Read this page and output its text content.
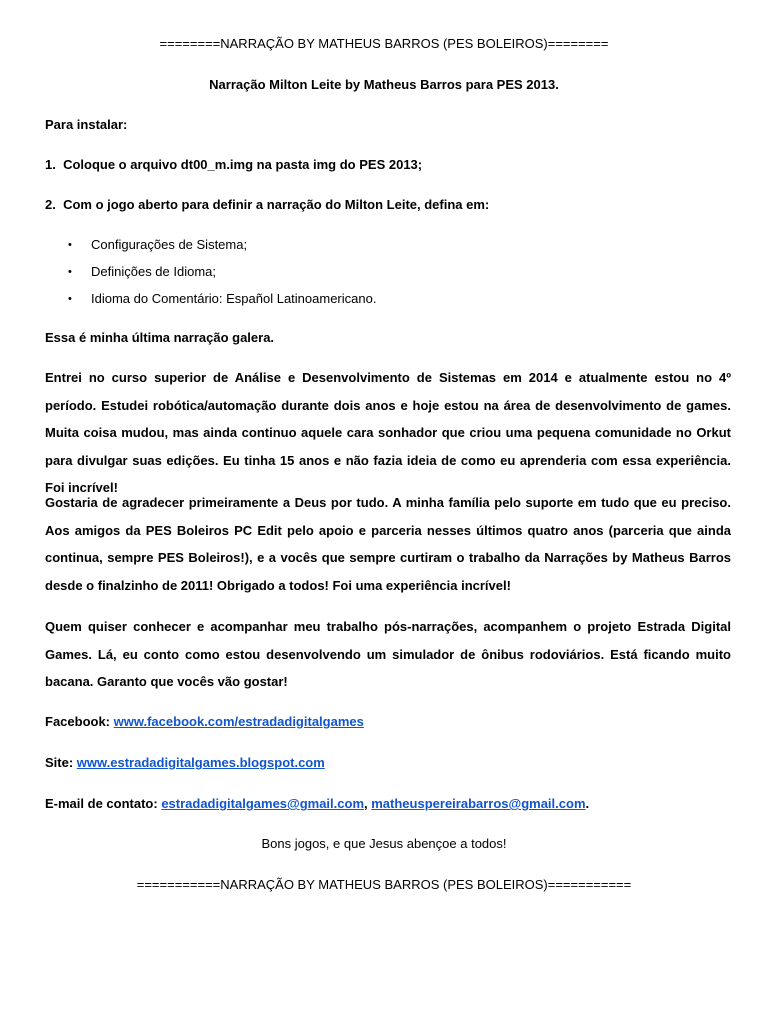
========NARRAÇÃO BY MATHEUS BARROS (PES BOLEIROS)========
Narração Milton Leite by Matheus Barros para PES 2013.
Para instalar:
1. Coloque o arquivo dt00_m.img na pasta img do PES 2013;
2. Com o jogo aberto para definir a narração do Milton Leite, defina em:
• Configurações de Sistema;
• Definições de Idioma;
• Idioma do Comentário: Español Latinoamericano.
Essa é minha última narração galera.

Entrei no curso superior de Análise e Desenvolvimento de Sistemas em 2014 e atualmente estou no 4º período. Estudei robótica/automação durante dois anos e hoje estou na área de desenvolvimento de games. Muita coisa mudou, mas ainda continuo aquele cara sonhador que criou uma pequena comunidade no Orkut para divulgar suas edições. Eu tinha 15 anos e não fazia ideia de como eu aprenderia com essa experiência. Foi incrível!

Gostaria de agradecer primeiramente a Deus por tudo. A minha família pelo suporte em tudo que eu preciso. Aos amigos da PES Boleiros PC Edit pelo apoio e parceria nesses últimos quatro anos (parceria que ainda continua, sempre PES Boleiros!), e a vocês que sempre curtiram o trabalho da Narrações by Matheus Barros desde o finalzinho de 2011! Obrigado a todos! Foi uma experiência incrível!

Quem quiser conhecer e acompanhar meu trabalho pós-narrações, acompanhem o projeto Estrada Digital Games. Lá, eu conto como estou desenvolvendo um simulador de ônibus rodoviários. Está ficando muito bacana. Garanto que vocês vão gostar!

Facebook: www.facebook.com/estradadigitalgames
Site: www.estradadigitalgames.blogspot.com
E-mail de contato: estradadigitalgames@gmail.com, matheuspereirabarros@gmail.com.
Bons jogos, e que Jesus abençoe a todos!
===========NARRAÇÃO BY MATHEUS BARROS (PES BOLEIROS)===========
